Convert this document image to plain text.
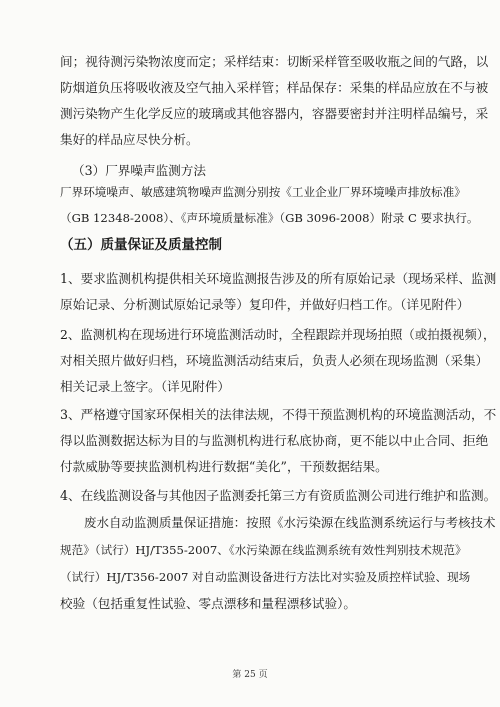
间；视待测污染物浓度而定；采样结束：切断采样管至吸收瓶之间的气路，以
防烟道负压将吸收液及空气抽入采样管；样品保存：采集的样品应放在不与被
测污染物产生化学反应的玻璃或其他容器内，容器要密封并注明样品编号，采
集好的样品应尽快分析。
（3）厂界噪声监测方法
厂界环境噪声、敏感建筑物噪声监测分别按《工业企业厂界环境噪声排放标准》
（GB 12348-2008）、《声环境质量标准》（GB 3096-2008）附录 C 要求执行。
（五）质量保证及质量控制
1、要求监测机构提供相关环境监测报告涉及的所有原始记录（现场采样、监测
原始记录、分析测试原始记录等）复印件，并做好归档工作。（详见附件）
2、监测机构在现场进行环境监测活动时，全程跟踪并现场拍照（或拍摄视频），
对相关照片做好归档，环境监测活动结束后，负责人必须在现场监测（采集）
相关记录上签字。（详见附件）
3、严格遵守国家环保相关的法律法规，不得干预监测机构的环境监测活动，不
得以监测数据达标为目的与监测机构进行私底协商，更不能以中止合同、拒绝
付款威胁等要挟监测机构进行数据“美化”，干预数据结果。
4、在线监测设备与其他因子监测委托第三方有资质监测公司进行维护和监测。
废水自动监测质量保证措施：按照《水污染源在线监测系统运行与考核技术
规范》（试行）HJ/T355-2007、《水污染源在线监测系统有效性判别技术规范》
（试行）HJ/T356-2007 对自动监测设备进行方法比对实验及质控样试验、现场
校验（包括重复性试验、零点漂移和量程漂移试验）。
第 25 页
